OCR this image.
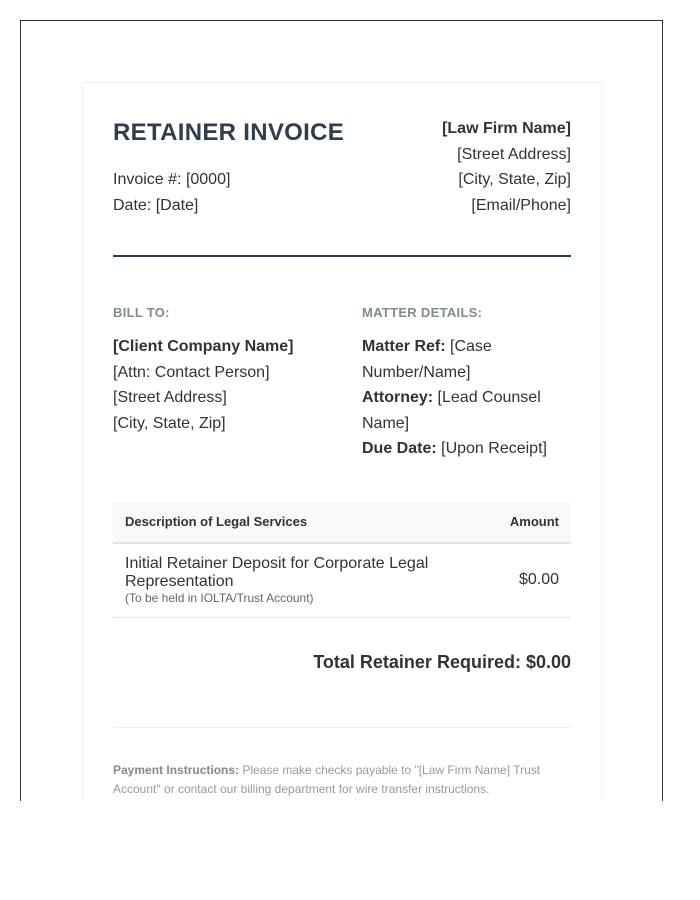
RETAINER INVOICE
Invoice #: [0000]
Date: [Date]
[Law Firm Name]
[Street Address]
[City, State, Zip]
[Email/Phone]
BILL TO:	MATTER DETAILS:
[Client Company Name]
[Attn: Contact Person]
[Street Address]
[City, State, Zip]
Matter Ref: [Case Number/Name]
Attorney: [Lead Counsel Name]
Due Date: [Upon Receipt]
Description of Legal Services	Amount
Initial Retainer Deposit for Corporate Legal Representation
(To be held in IOLTA/Trust Account)
$0.00
Total Retainer Required: $0.00
Payment Instructions: Please make checks payable to "[Law Firm Name] Trust Account" or contact our billing department for wire transfer instructions.
